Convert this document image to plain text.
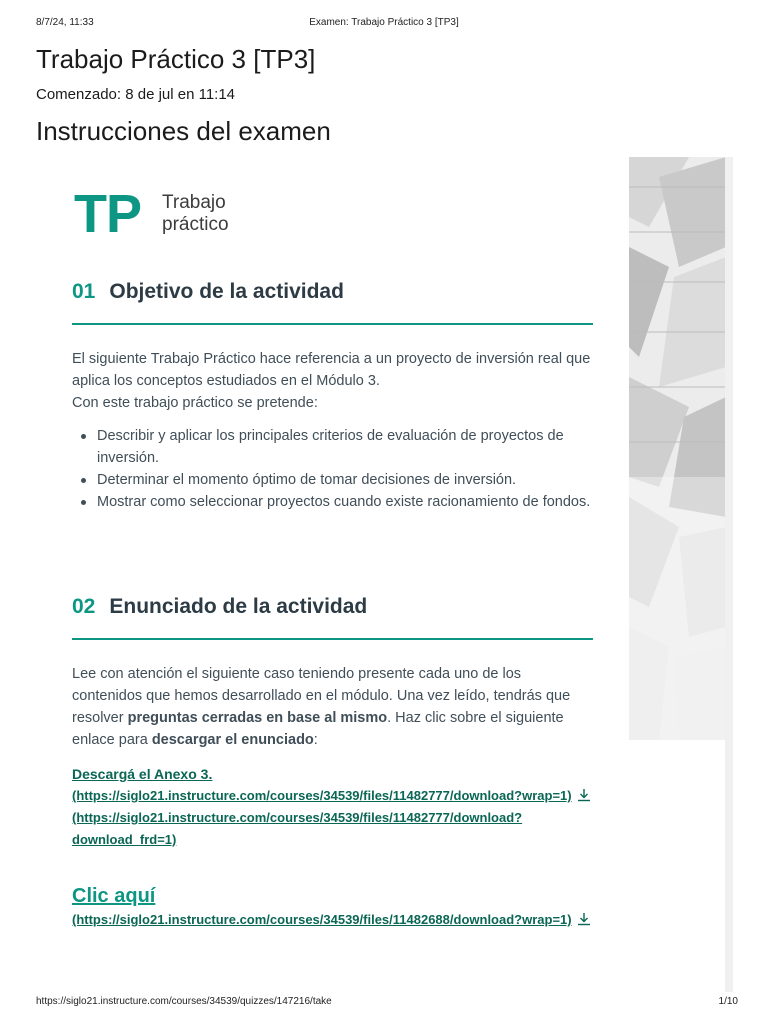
8/7/24, 11:33	Examen: Trabajo Práctico 3 [TP3]
Trabajo Práctico 3 [TP3]
Comenzado: 8 de jul en 11:14
Instrucciones del examen
TP Trabajo
práctico
01 Objetivo de la actividad
El siguiente Trabajo Práctico hace referencia a un proyecto de inversión real que aplica los conceptos estudiados en el Módulo 3.
Con este trabajo práctico se pretende:
Describir y aplicar los principales criterios de evaluación de proyectos de inversión.
Determinar el momento óptimo de tomar decisiones de inversión.
Mostrar como seleccionar proyectos cuando existe racionamiento de fondos.
02 Enunciado de la actividad
Lee con atención el siguiente caso teniendo presente cada uno de los contenidos que hemos desarrollado en el módulo. Una vez leído, tendrás que resolver preguntas cerradas en base al mismo. Haz clic sobre el siguiente enlace para descargar el enunciado:
Descargá el Anexo 3.
(https://siglo21.instructure.com/courses/34539/files/11482777/download?wrap=1)
(https://siglo21.instructure.com/courses/34539/files/11482777/download?download_frd=1)
Clic aquí
(https://siglo21.instructure.com/courses/34539/files/11482688/download?wrap=1)
https://siglo21.instructure.com/courses/34539/quizzes/147216/take	1/10
